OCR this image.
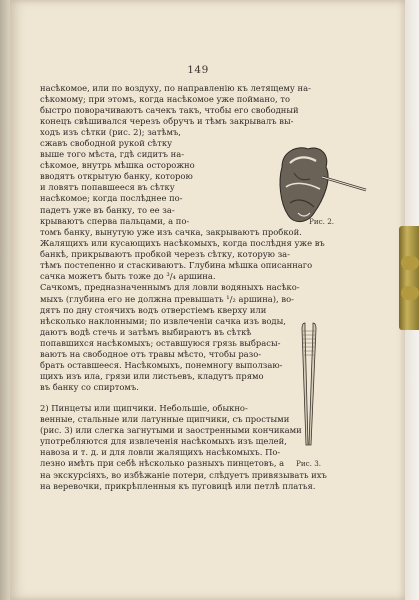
149
насѣкомое, или по воздуху, по направленiю къ летящему на-
сѣкомому; при этомъ, когда насѣкомое уже поймано, то
быстро поворачиваютъ сачекъ такъ, чтобы его свободный
конецъ свѣшивался черезъ обручъ и тѣмъ закрывалъ вы-
ходъ изъ сѣтки (рис. 2); затѣмъ,
сжавъ свободной рукой сѣтку
выше того мѣста, гдѣ сидитъ на-
сѣкомое, внутрь мѣшка осторожно
вводятъ открытую банку, которою
и ловятъ попавшееся въ сѣтку
насѣкомое; когда послѣднее по-
падетъ уже въ банку, то ее за-
крываютъ сперва пальцами, а по-
томъ банку, вынутую уже изъ сачка, закрываютъ пробкой.
Жалящихъ или кусающихъ насѣкомыхъ, когда послѣдня уже въ
банкѣ, прикрываютъ пробкой черезъ сѣтку, которую за-
тѣмъ постепенно и стаскиваютъ. Глубина мѣшка описаннаго
сачка можетъ быть тоже до ³/₄ аршина.
Сачкомъ, предназначеннымъ для ловли водяныхъ насѣко-
мыхъ (глубина его не должна превышать ¹/₂ аршина), во-
дятъ по дну стоячихъ водъ отверстiемъ кверху или
нѣсколько наклонными; по извлеченiи сачка изъ воды,
даютъ водѣ стечь и затѣмъ выбираютъ въ сѣткѣ
попавшихся насѣкомыхъ; оставшуюся грязь выбрасы-
ваютъ на свободное отъ травы мѣсто, чтобы разо-
брать оставшееся. Насѣкомыхъ, понемногу выползаю-
щихъ изъ ила, грязи или листьевъ, кладутъ прямо
въ банку со спиртомъ.
2) Пинцеты или щипчики. Небольшiе, обыкно-
венные, стальные или латунные щипчики, съ простыми
(рис. 3) или слегка загнутыми и заостренными кончиками
употребляются для извлеченiя насѣкомыхъ изъ щелей,
навоза и т. д. и для ловли жалящихъ насѣкомыхъ. По-
лезно имѣть при себѣ нѣсколько разныхъ пинцетовъ, а
на экскурсiяхъ, во избѣжанiе потери, слѣдуетъ привязывать ихъ
на веревочки, прикрѣпленныя къ пуговицѣ или петлѣ платья.
Рис. 2.
Рис. 3.
